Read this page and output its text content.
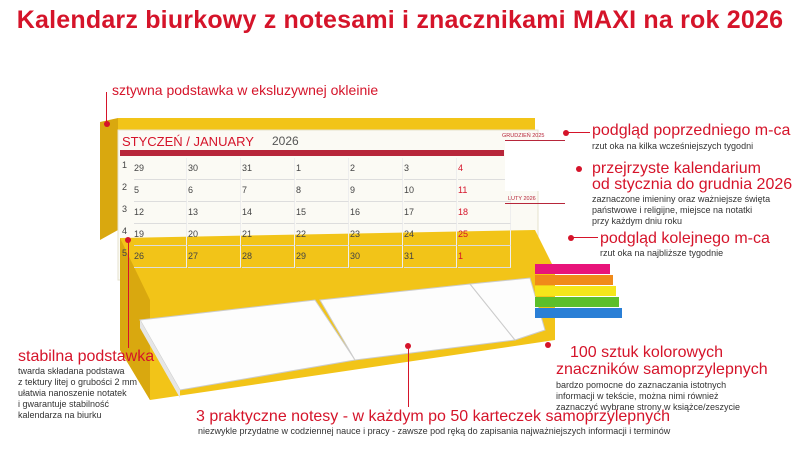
Kalendarz biurkowy z notesami i znacznikami MAXI na rok 2026
STYCZEŃ / JANUARY 2026
1 29	30	31	1	2	3	4
2 5	6	7	8	9	10	11
3 12	13	14	15	16	17	18
4 19	20	21	22	23	24	25
5 26	27	28	29	30	31	1
GRUDZIEŃ 2025
LUTY 2026
sztywna podstawka w eksluzywnej okleinie
podgląd poprzedniego m-ca
rzut oka na kilka wcześniejszych tygodni
przejrzyste kalendarium
od stycznia do grudnia 2026
zaznaczone imieniny oraz ważniejsze święta
państwowe i religijne, miejsce na notatki
przy każdym dniu roku
podgląd kolejnego m-ca
rzut oka na najbliższe tygodnie
stabilna podstawka
twarda składana podstawa
z tektury litej o grubości 2 mm
ułatwia nanoszenie notatek
i gwarantuje stabilność
kalendarza na biurku
100 sztuk kolorowych
znaczników samoprzylepnych
bardzo pomocne do zaznaczania istotnych
informacji w tekście, można nimi również
zaznaczyć wybrane strony w książce/zeszycie
3 praktyczne notesy - w każdym po 50 karteczek samoprzylepnych
niezwykle przydatne w codziennej nauce i pracy - zawsze pod ręką do zapisania najważniejszych informacji i terminów
